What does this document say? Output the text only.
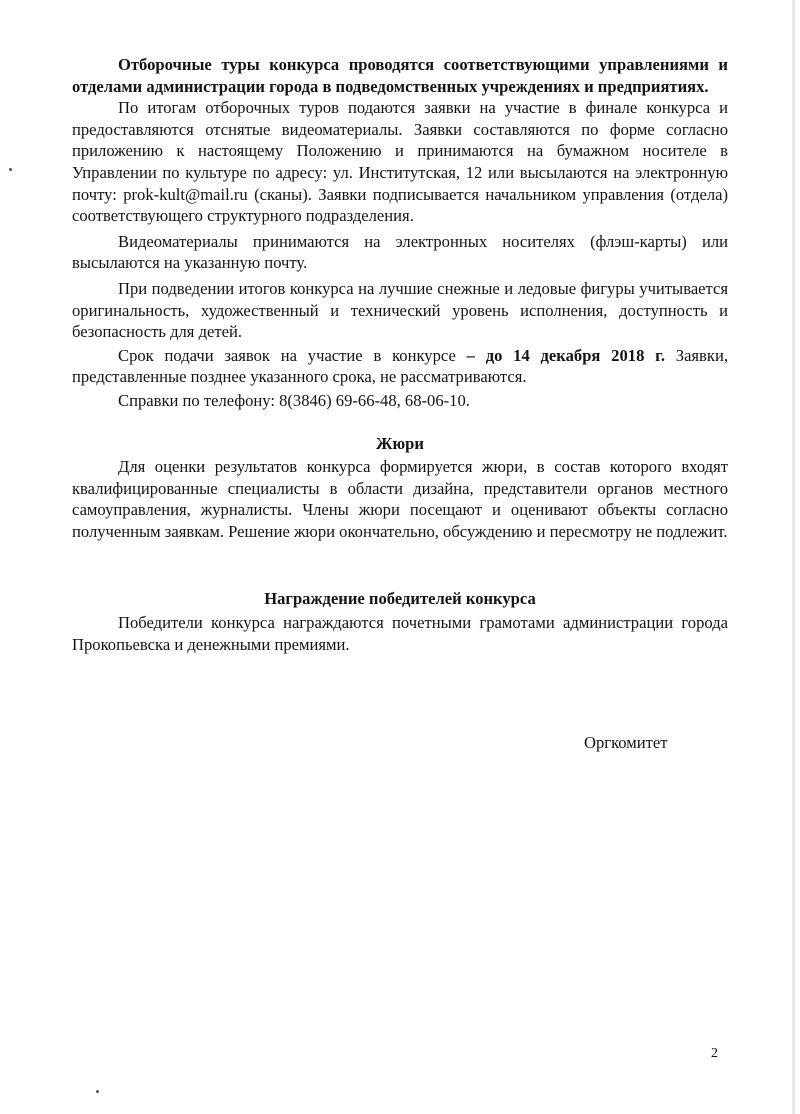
Отборочные туры конкурса проводятся соответствующими управлениями и отделами администрации города в подведомственных учреждениях и предприятиях.

По итогам отборочных туров подаются заявки на участие в финале конкурса и предоставляются отснятые видеоматериалы. Заявки составляются по форме согласно приложению к настоящему Положению и принимаются на бумажном носителе в Управлении по культуре по адресу: ул. Институтская, 12 или высылаются на электронную почту: prok-kult@mail.ru (сканы). Заявки подписывается начальником управления (отдела) соответствующего структурного подразделения.

Видеоматериалы принимаются на электронных носителях (флэш-карты) или высылаются на указанную почту.

При подведении итогов конкурса на лучшие снежные и ледовые фигуры учитывается оригинальность, художественный и технический уровень исполнения, доступность и безопасность для детей.

Срок подачи заявок на участие в конкурсе – до 14 декабря 2018 г. Заявки, представленные позднее указанного срока, не рассматриваются.

Справки по телефону: 8(3846) 69-66-48, 68-06-10.

Жюри

Для оценки результатов конкурса формируется жюри, в состав которого входят квалифицированные специалисты в области дизайна, представители органов местного самоуправления, журналисты. Члены жюри посещают и оценивают объекты согласно полученным заявкам. Решение жюри окончательно, обсуждению и пересмотру не подлежит.

Награждение победителей конкурса

Победители конкурса награждаются почетными грамотами администрации города Прокопьевска и денежными премиями.

Оргкомитет
2
